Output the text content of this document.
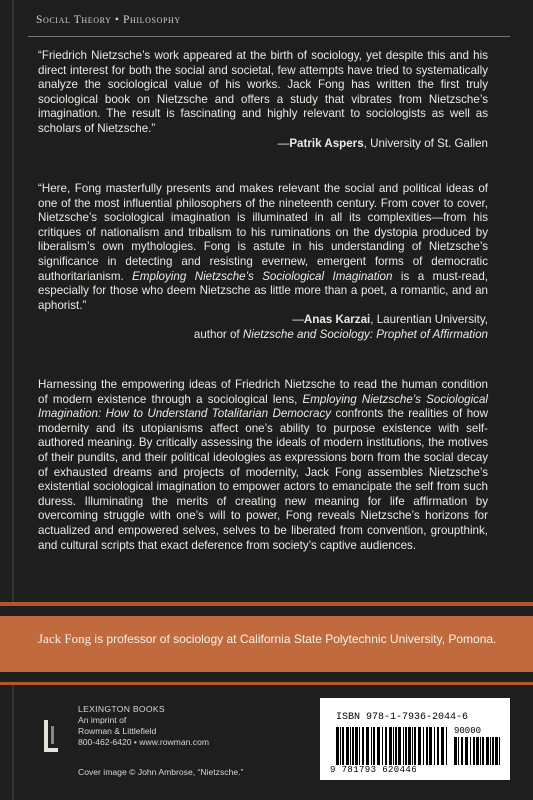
Social Theory • Philosophy
“Friedrich Nietzsche’s work appeared at the birth of sociology, yet despite this and his direct interest for both the social and societal, few attempts have tried to systematically analyze the sociological value of his works. Jack Fong has written the first truly sociological book on Nietzsche and offers a study that vibrates from Nietzsche’s imagination. The result is fascinating and highly relevant to sociologists as well as scholars of Nietzsche.”
—Patrik Aspers, University of St. Gallen
“Here, Fong masterfully presents and makes relevant the social and political ideas of one of the most influential philosophers of the nineteenth century. From cover to cover, Nietzsche’s sociological imagination is illuminated in all its complexities—from his critiques of nationalism and tribalism to his ruminations on the dystopia produced by liberalism’s own mythologies. Fong is astute in his understanding of Nietzsche’s significance in detecting and resisting evernew, emergent forms of democratic authoritarianism. Employing Nietzsche’s Sociological Imagination is a must-read, especially for those who deem Nietzsche as little more than a poet, a romantic, and an aphorist.”
—Anas Karzai, Laurentian University,
author of Nietzsche and Sociology: Prophet of Affirmation
Harnessing the empowering ideas of Friedrich Nietzsche to read the human condition of modern existence through a sociological lens, Employing Nietzsche’s Sociological Imagination: How to Understand Totalitarian Democracy confronts the realities of how modernity and its utopianisms affect one’s ability to purpose existence with self-authored meaning. By critically assessing the ideals of modern institutions, the motives of their pundits, and their political ideologies as expressions born from the social decay of exhausted dreams and projects of modernity, Jack Fong assembles Nietzsche’s existential sociological imagination to empower actors to emancipate the self from such duress. Illuminating the merits of creating new meaning for life affirmation by overcoming struggle with one’s will to power, Fong reveals Nietzsche’s horizons for actualized and empowered selves, selves to be liberated from convention, groupthink, and cultural scripts that exact deference from society’s captive audiences.
Jack Fong is professor of sociology at California State Polytechnic University, Pomona.
LEXINGTON BOOKS
An imprint of
Rowman & Littlefield
800-462-6420 • www.rowman.com
Cover image © John Ambrose, “Nietzsche.”
ISBN 978-1-7936-2044-6
90000
9 781793 620446
